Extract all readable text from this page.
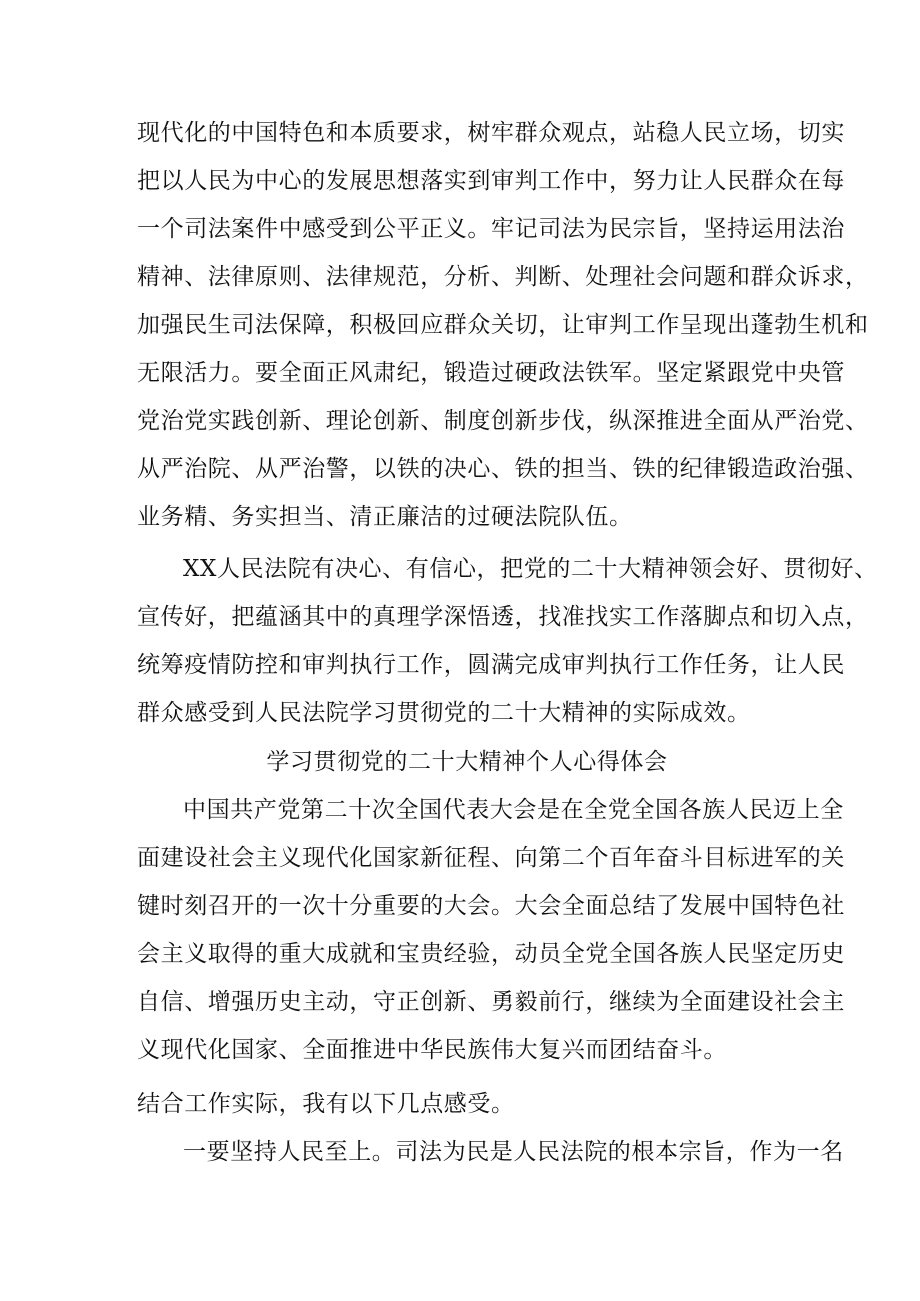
现代化的中国特色和本质要求，树牢群众观点，站稳人民立场，切实
把以人民为中心的发展思想落实到审判工作中，努力让人民群众在每
一个司法案件中感受到公平正义。牢记司法为民宗旨，坚持运用法治
精神、法律原则、法律规范，分析、判断、处理社会问题和群众诉求，
加强民生司法保障，积极回应群众关切，让审判工作呈现出蓬勃生机和
无限活力。要全面正风肃纪，锻造过硬政法铁军。坚定紧跟党中央管
党治党实践创新、理论创新、制度创新步伐，纵深推进全面从严治党、
从严治院、从严治警，以铁的决心、铁的担当、铁的纪律锻造政治强、
业务精、务实担当、清正廉洁的过硬法院队伍。
XX人民法院有决心、有信心，把党的二十大精神领会好、贯彻好、
宣传好，把蕴涵其中的真理学深悟透，找准找实工作落脚点和切入点，
统筹疫情防控和审判执行工作，圆满完成审判执行工作任务，让人民
群众感受到人民法院学习贯彻党的二十大精神的实际成效。
学习贯彻党的二十大精神个人心得体会
中国共产党第二十次全国代表大会是在全党全国各族人民迈上全
面建设社会主义现代化国家新征程、向第二个百年奋斗目标进军的关
键时刻召开的一次十分重要的大会。大会全面总结了发展中国特色社
会主义取得的重大成就和宝贵经验，动员全党全国各族人民坚定历史
自信、增强历史主动，守正创新、勇毅前行，继续为全面建设社会主
义现代化国家、全面推进中华民族伟大复兴而团结奋斗。
结合工作实际，我有以下几点感受。
一要坚持人民至上。司法为民是人民法院的根本宗旨，作为一名
